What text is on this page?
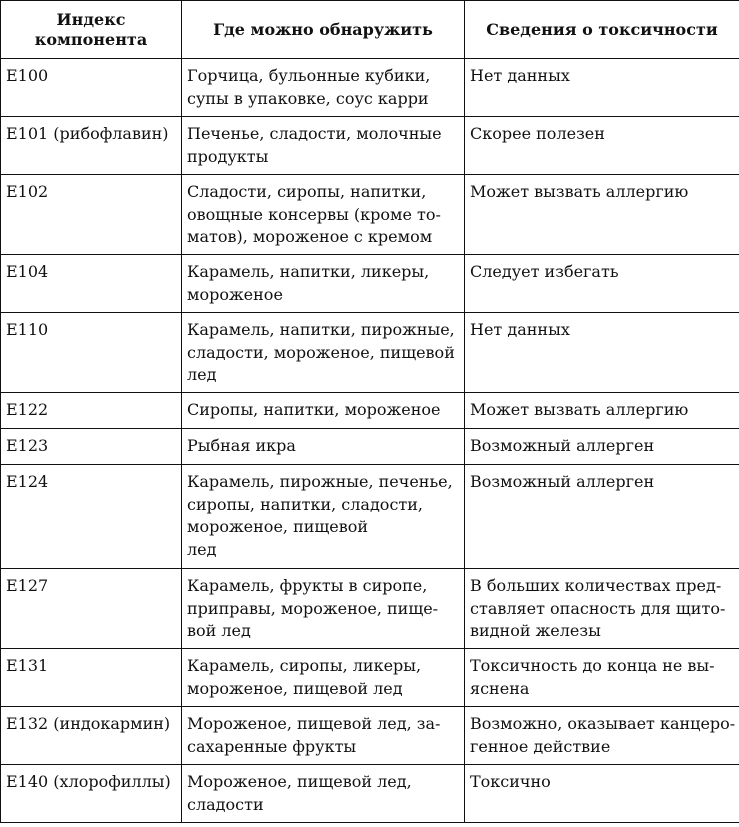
Индекс
компонента	Где можно обнаружить	Сведения о токсичности
E100	Горчица, бульонные кубики,
супы в упаковке, соус карри	Нет данных

E101 (рибофлавин)	Печенье, сладости, молочные
продукты	Скорее полезен

E102	Сладости, сиропы, напитки,
овощные консервы (кроме то-
матов), мороженое с кремом	Может вызвать аллергию

E104	Карамель, напитки, ликеры,
мороженое	Следует избегать

E110	Карамель, напитки, пирожные,
сладости, мороженое, пищевой
лед	Нет данных

E122	Сиропы, напитки, мороженое	Может вызвать аллергию

E123	Рыбная икра	Возможный аллерген

E124	Карамель, пирожные, печенье,
сиропы, напитки, сладости,
мороженое, пищевой
лед	Возможный аллерген

E127	Карамель, фрукты в сиропе,
приправы, мороженое, пище-
вой лед	В больших количествах пред-
ставляет опасность для щито-
видной железы

E131	Карамель, сиропы, ликеры,
мороженое, пищевой лед	Токсичность до конца не вы-
яснена

E132 (индокармин)	Мороженое, пищевой лед, за-
сахаренные фрукты	Возможно, оказывает канцеро-
генное действие

E140 (хлорофиллы)	Мороженое, пищевой лед,
сладости	Токсично
